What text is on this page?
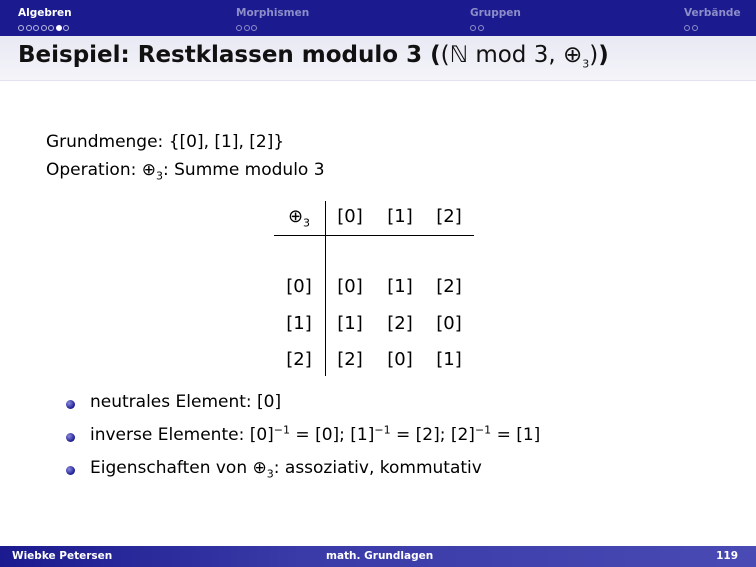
Algebren	Morphismen	Gruppen	Verbände
Beispiel: Restklassen modulo 3 ((ℕ mod 3, $\oplus_3$))
Grundmenge: {[0], [1], [2]}
Operation: $\oplus_3$: Summe modulo 3
$\oplus_3$ [0] [1] [2]
[0] [0] [1] [2]
[1] [1] [2] [0]
[2] [2] [0] [1]
neutrales Element: [0]
inverse Elemente: $[0]^{-1} = [0]$; $[1]^{-1} = [2]$; $[2]^{-1} = [1]$
Eigenschaften von $\oplus_3$: assoziativ, kommutativ
Wiebke Petersen	math. Grundlagen	119
